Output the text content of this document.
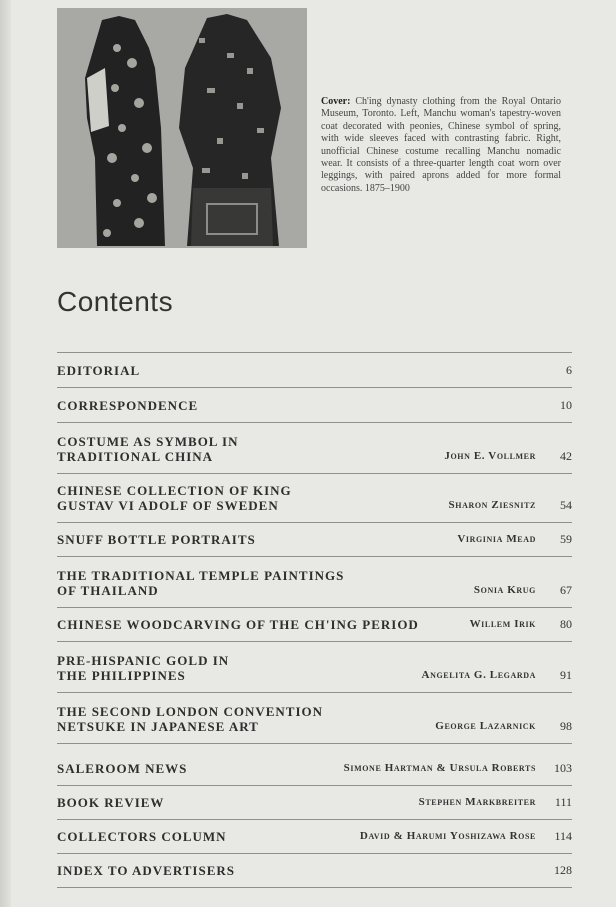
Cover: Ch'ing dynasty clothing from the Royal Ontario Museum, Toronto. Left, Manchu woman's tapestry-woven coat decorated with peonies, Chinese symbol of spring, with wide sleeves faced with contrasting fabric. Right, unofficial Chinese costume recalling Manchu nomadic wear. It consists of a three-quarter length coat worn over leggings, with paired aprons added for more formal occasions. 1875–1900
Contents
EDITORIAL	6
CORRESPONDENCE	10
COSTUME AS SYMBOL IN
TRADITIONAL CHINA	John E. Vollmer 42
CHINESE COLLECTION OF KING
GUSTAV VI ADOLF OF SWEDEN	Sharon Ziesnitz 54
SNUFF BOTTLE PORTRAITS	Virginia Mead 59
THE TRADITIONAL TEMPLE PAINTINGS
OF THAILAND	Sonia Krug 67
CHINESE WOODCARVING OF THE CH'ING PERIOD	Willem Irik 80
PRE-HISPANIC GOLD IN
THE PHILIPPINES	Angelita G. Legarda 91
THE SECOND LONDON CONVENTION
NETSUKE IN JAPANESE ART	George Lazarnick 98
SALEROOM NEWS	Simone Hartman & Ursula Roberts 103
BOOK REVIEW	Stephen Markbreiter 111
COLLECTORS COLUMN	David & Harumi Yoshizawa Rose 114
INDEX TO ADVERTISERS	128
